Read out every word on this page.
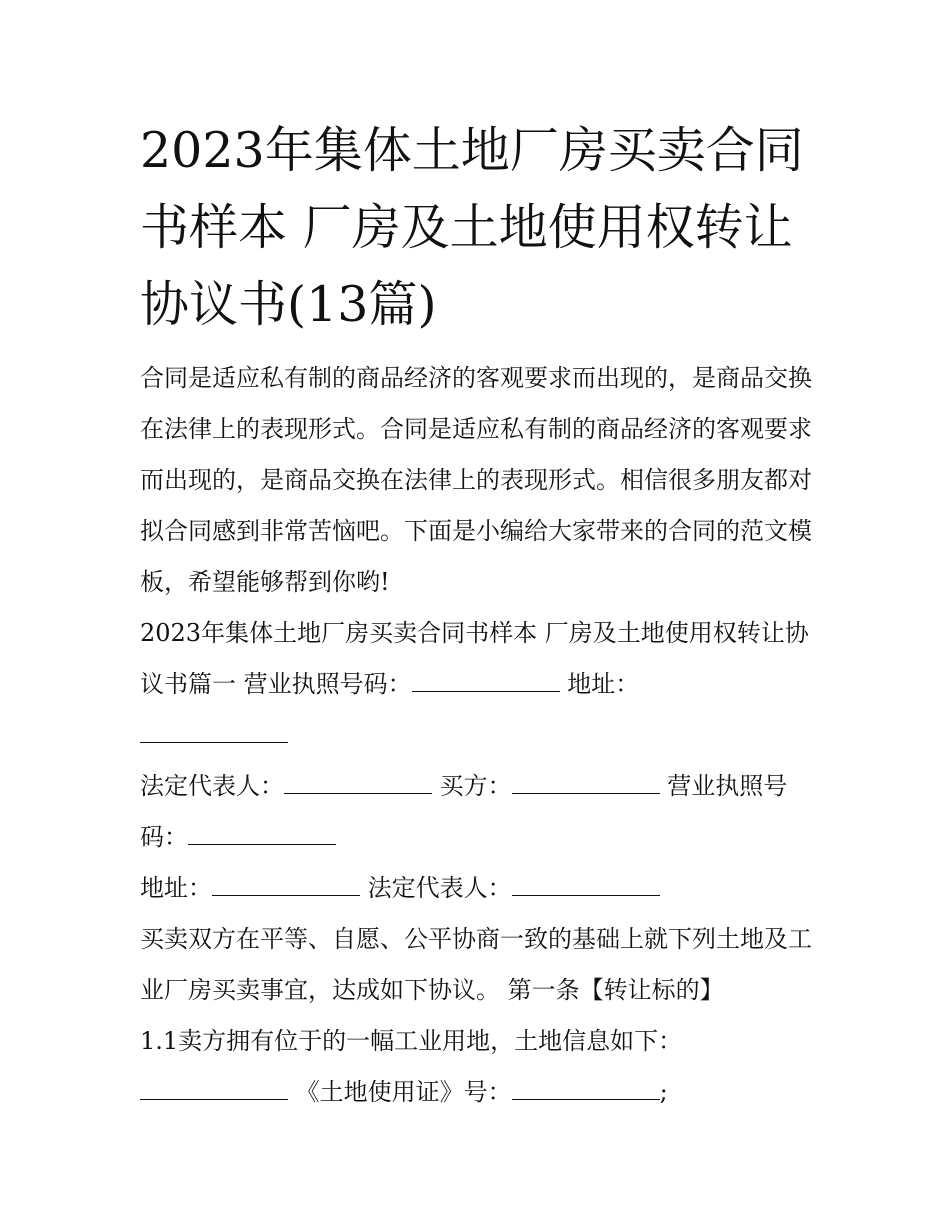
2023年集体土地厂房买卖合同书样本 厂房及土地使用权转让协议书(13篇)

合同是适应私有制的商品经济的客观要求而出现的，是商品交换在法律上的表现形式。合同是适应私有制的商品经济的客观要求而出现的，是商品交换在法律上的表现形式。相信很多朋友都对拟合同感到非常苦恼吧。下面是小编给大家带来的合同的范文模板，希望能够帮到你哟!

2023年集体土地厂房买卖合同书样本 厂房及土地使用权转让协议书篇一 营业执照号码：	地址：

法定代表人：	买方：	营业执照号码：

地址：	法定代表人：

买卖双方在平等、自愿、公平协商一致的基础上就下列土地及工业厂房买卖事宜，达成如下协议。 第一条【转让标的】

1.1卖方拥有位于的一幅工业用地，土地信息如下：

《土地使用证》号：	;
